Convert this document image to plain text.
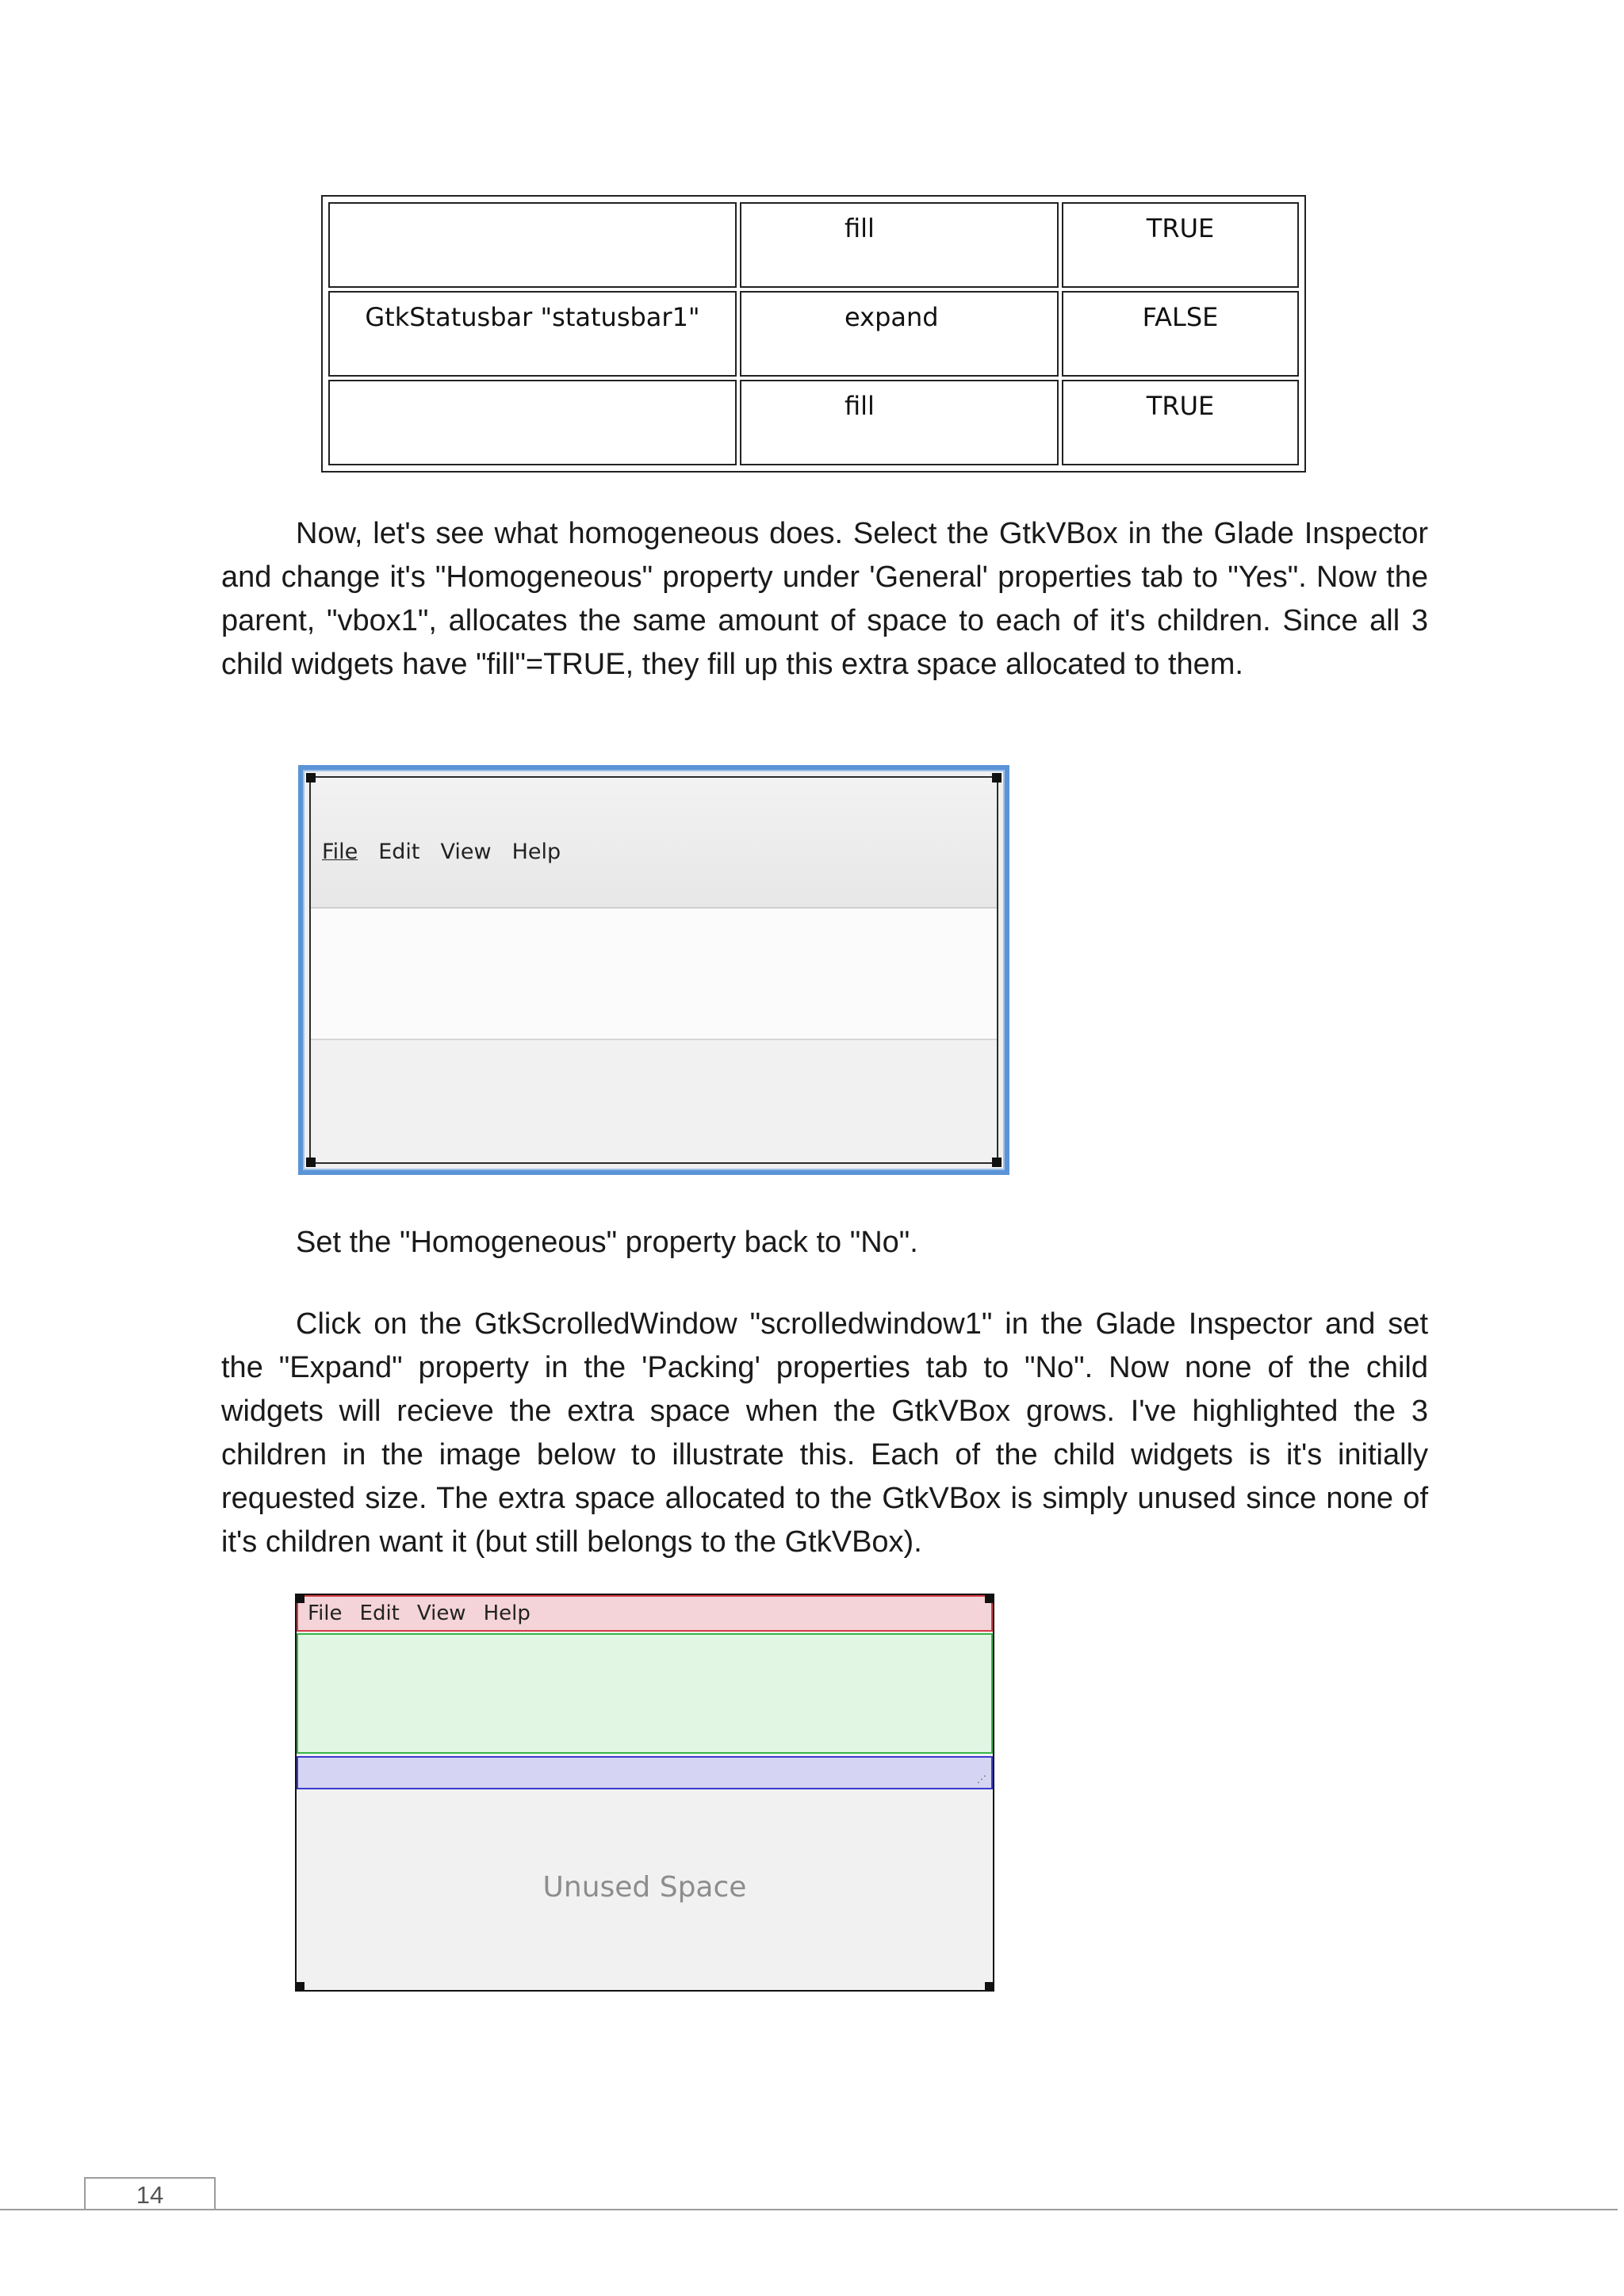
	fill	TRUE
GtkStatusbar "statusbar1"	expand	FALSE
	fill	TRUE

Now, let's see what homogeneous does. Select the GtkVBox in the Glade Inspector and change it's "Homogeneous" property under 'General' properties tab to "Yes". Now the parent, "vbox1", allocates the same amount of space to each of it's children. Since all 3 child widgets have "fill"=TRUE, they fill up this extra space allocated to them.

File Edit View Help

Set the "Homogeneous" property back to "No".

Click on the GtkScrolledWindow "scrolledwindow1" in the Glade Inspector and set the "Expand" property in the 'Packing' properties tab to "No". Now none of the child widgets will recieve the extra space when the GtkVBox grows. I've highlighted the 3 children in the image below to illustrate this. Each of the child widgets is it's initially requested size. The extra space allocated to the GtkVBox is simply unused since none of it's children want it (but still belongs to the GtkVBox).

File Edit View Help
⋰
Unused Space
14
